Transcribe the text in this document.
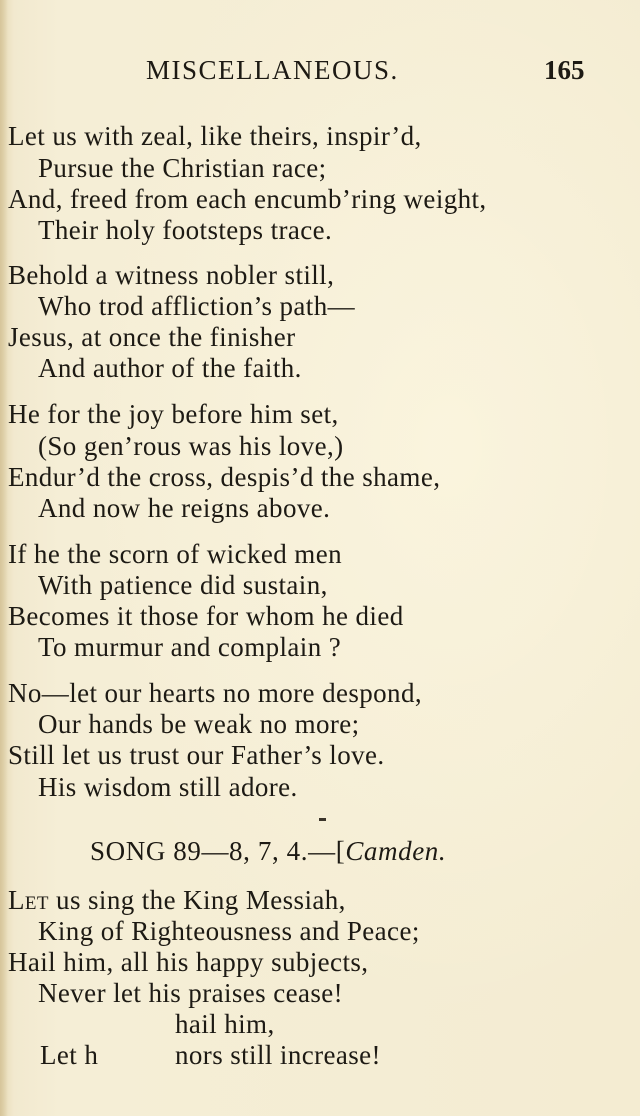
MISCELLANEOUS.	165
Let us with zeal, like theirs, inspir’d,
Pursue the Christian race;
And, freed from each encumb’ring weight,
Their holy footsteps trace.
Behold a witness nobler still,
Who trod affliction’s path—
Jesus, at once the finisher
And author of the faith.
He for the joy before him set,
(So gen’rous was his love,)
Endur’d the cross, despis’d the shame,
And now he reigns above.
If he the scorn of wicked men
With patience did sustain,
Becomes it those for whom he died
To murmur and complain ?
No—let our hearts no more despond,
Our hands be weak no more;
Still let us trust our Father’s love.
His wisdom still adore.
SONG 89—8, 7, 4.—[Camden.
Let us sing the King Messiah,
King of Righteousness and Peace;
Hail him, all his happy subjects,
Never let his praises cease!
hail him,
Let h	nors still increase!
